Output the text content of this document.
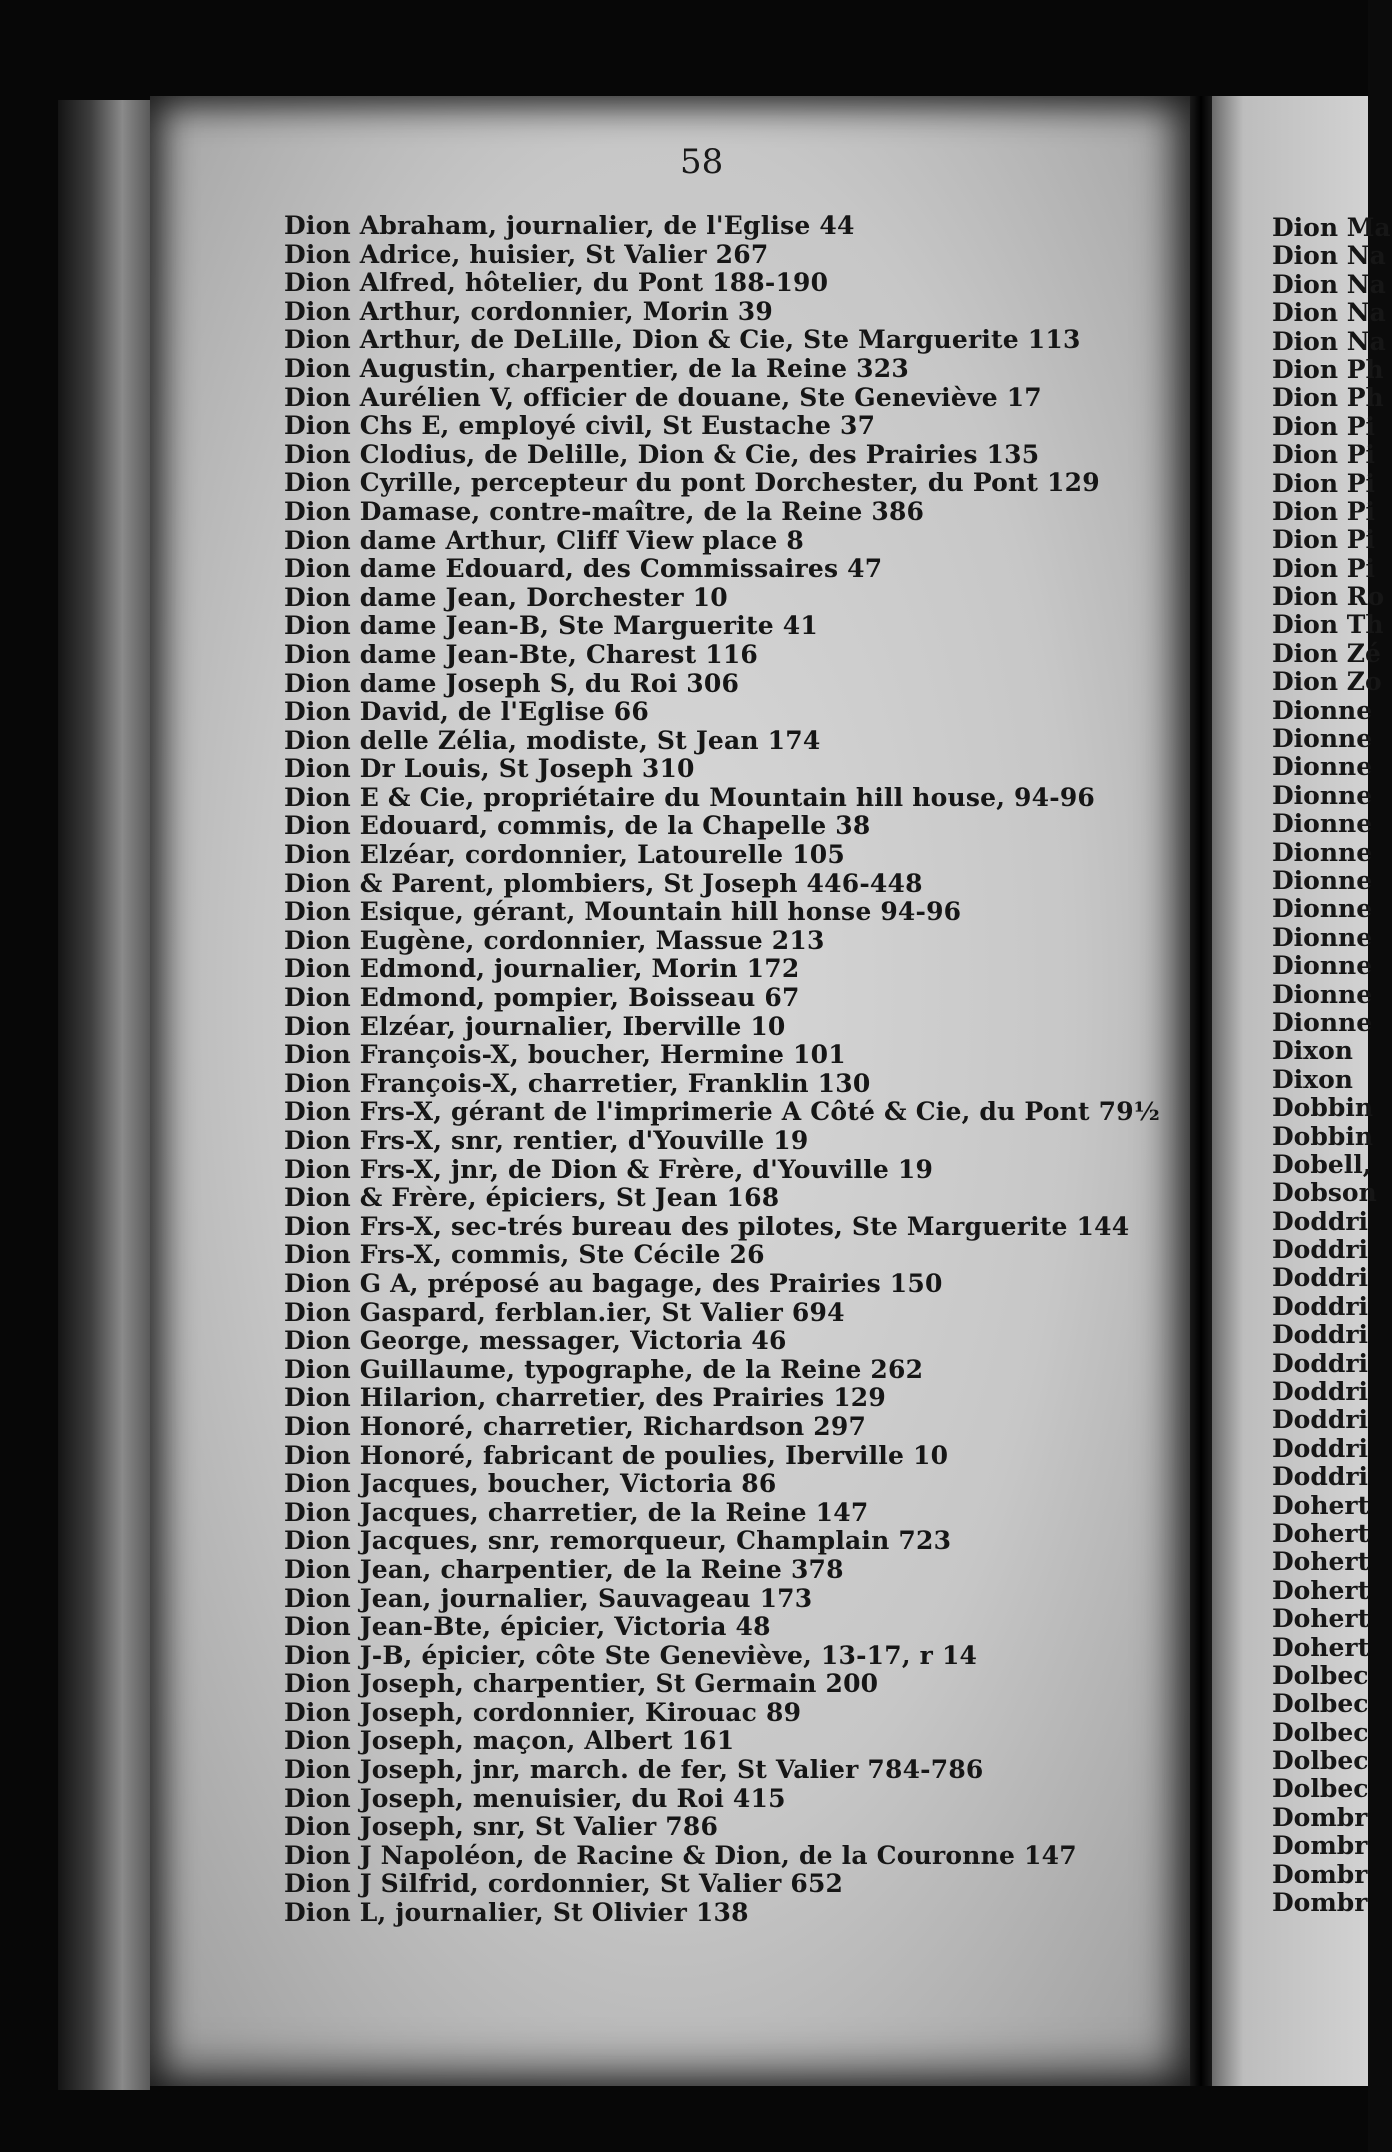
58
Dion Abraham, journalier, de l'Eglise 44
Dion Adrice, huisier, St Valier 267
Dion Alfred, hôtelier, du Pont 188-190
Dion Arthur, cordonnier, Morin 39
Dion Arthur, de DeLille, Dion & Cie, Ste Marguerite 113
Dion Augustin, charpentier, de la Reine 323
Dion Aurélien V, officier de douane, Ste Geneviève 17
Dion Chs E, employé civil, St Eustache 37
Dion Clodius, de Delille, Dion & Cie, des Prairies 135
Dion Cyrille, percepteur du pont Dorchester, du Pont 129
Dion Damase, contre-maître, de la Reine 386
Dion dame Arthur, Cliff View place 8
Dion dame Edouard, des Commissaires 47
Dion dame Jean, Dorchester 10
Dion dame Jean-B, Ste Marguerite 41
Dion dame Jean-Bte, Charest 116
Dion dame Joseph S, du Roi 306
Dion David, de l'Eglise 66
Dion delle Zélia, modiste, St Jean 174
Dion Dr Louis, St Joseph 310
Dion E & Cie, propriétaire du Mountain hill house, 94-96
Dion Edouard, commis, de la Chapelle 38
Dion Elzéar, cordonnier, Latourelle 105
Dion & Parent, plombiers, St Joseph 446-448
Dion Esique, gérant, Mountain hill honse 94-96
Dion Eugène, cordonnier, Massue 213
Dion Edmond, journalier, Morin 172
Dion Edmond, pompier, Boisseau 67
Dion Elzéar, journalier, Iberville 10
Dion François-X, boucher, Hermine 101
Dion François-X, charretier, Franklin 130
Dion Frs-X, gérant de l'imprimerie A Côté & Cie, du Pont 79½
Dion Frs-X, snr, rentier, d'Youville 19
Dion Frs-X, jnr, de Dion & Frère, d'Youville 19
Dion & Frère, épiciers, St Jean 168
Dion Frs-X, sec-trés bureau des pilotes, Ste Marguerite 144
Dion Frs-X, commis, Ste Cécile 26
Dion G A, préposé au bagage, des Prairies 150
Dion Gaspard, ferblan.ier, St Valier 694
Dion George, messager, Victoria 46
Dion Guillaume, typographe, de la Reine 262
Dion Hilarion, charretier, des Prairies 129
Dion Honoré, charretier, Richardson 297
Dion Honoré, fabricant de poulies, Iberville 10
Dion Jacques, boucher, Victoria 86
Dion Jacques, charretier, de la Reine 147
Dion Jacques, snr, remorqueur, Champlain 723
Dion Jean, charpentier, de la Reine 378
Dion Jean, journalier, Sauvageau 173
Dion Jean-Bte, épicier, Victoria 48
Dion J-B, épicier, côte Ste Geneviève, 13-17, r 14
Dion Joseph, charpentier, St Germain 200
Dion Joseph, cordonnier, Kirouac 89
Dion Joseph, maçon, Albert 161
Dion Joseph, jnr, march. de fer, St Valier 784-786
Dion Joseph, menuisier, du Roi 415
Dion Joseph, snr, St Valier 786
Dion J Napoléon, de Racine & Dion, de la Couronne 147
Dion J Silfrid, cordonnier, St Valier 652
Dion L, journalier, St Olivier 138
Dion Ma
Dion Na
Dion Na
Dion Na
Dion Na
Dion Ph
Dion Ph
Dion Pi
Dion Pi
Dion Pi
Dion Pi
Dion Pi
Dion Pi
Dion Ro
Dion Th
Dion Zé
Dion Zo
Dionne
Dionne
Dionne
Dionne
Dionne
Dionne
Dionne
Dionne
Dionne
Dionne
Dionne
Dionne
Dixon
Dixon
Dobbin
Dobbin
Dobell,
Dobson
Doddri
Doddri
Doddri
Doddri
Doddri
Doddri
Doddri
Doddri
Doddri
Doddri
Dohert
Dohert
Dohert
Dohert
Dohert
Dohert
Dolbec
Dolbec
Dolbec
Dolbec
Dolbec
Dombr
Dombr
Dombr
Dombr
